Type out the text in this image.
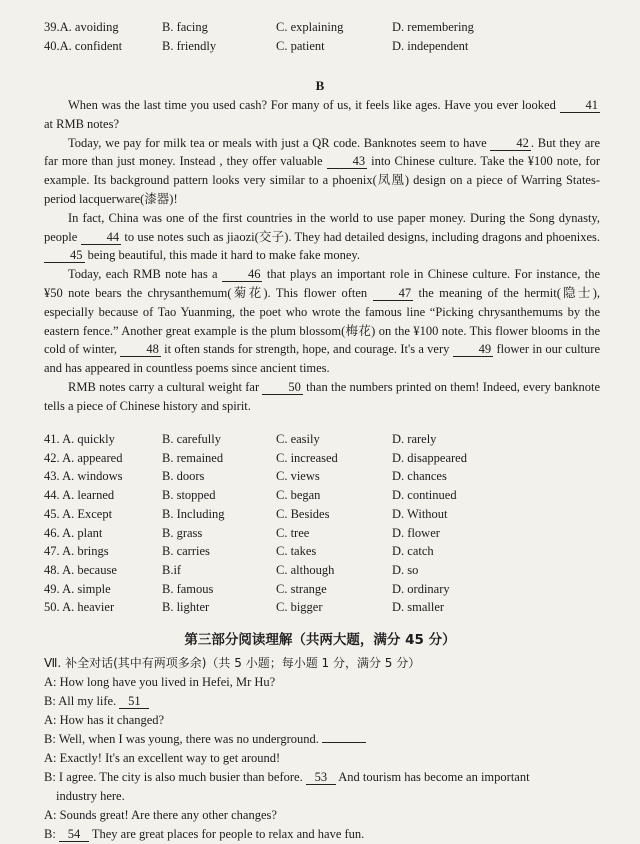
39.A. avoiding	B. facing	C. explaining	D. remembering
40.A. confident	B. friendly	C. patient	D. independent
B

When was the last time you used cash? For many of us, it feels like ages. Have you ever looked 41 at RMB notes?

Today, we pay for milk tea or meals with just a QR code. Banknotes seem to have 42 . But they are far more than just money. Instead , they offer valuable 43 into Chinese culture. Take the ¥100 note, for example. Its background pattern looks very similar to a phoenix(凤凰) design on a piece of Warring States-period lacquerware(漆器)!

In fact, China was one of the first countries in the world to use paper money. During the Song dynasty, people 44 to use notes such as jiaozi(交子). They had detailed designs, including dragons and phoenixes. 45 being beautiful, this made it hard to make fake money.

Today, each RMB note has a 46 that plays an important role in Chinese culture. For instance, the ¥50 note bears the chrysanthemum(菊花). This flower often 47 the meaning of the hermit(隐士), especially because of Tao Yuanming, the poet who wrote the famous line “Picking chrysanthemums by the eastern fence.” Another great example is the plum blossom(梅花) on the ¥100 note. This flower blooms in the cold of winter, 48 it often stands for strength, hope, and courage. It's a very 49 flower in our culture and has appeared in countless poems since ancient times.

RMB notes carry a cultural weight far 50 than the numbers printed on them! Indeed, every banknote tells a piece of Chinese history and spirit.

41. A. quickly	B. carefully	C. easily	D. rarely
42. A. appeared	B. remained	C. increased	D. disappeared
43. A. windows	B. doors	C. views	D. chances
44. A. learned	B. stopped	C. began	D. continued
45. A. Except	B. Including	C. Besides	D. Without
46. A. plant	B. grass	C. tree	D. flower
47. A. brings	B. carries	C. takes	D. catch
48. A. because	B.if	C. although	D. so
49. A. simple	B. famous	C. strange	D. ordinary
50. A. heavier	B. lighter	C. bigger	D. smaller
第三部分阅读理解（共两大题，满分 45 分）
Ⅶ. 补全对话(其中有两项多余)（共 5 小题；每小题 1 分，满分 5 分）
A: How long have you lived in Hefei, Mr Hu?
B: All my life. 51
A: How has it changed?
B: Well, when I was young, there was no underground.
A: Exactly! It's an excellent way to get around!
B: I agree. The city is also much busier than before. 53 And tourism has become an important
industry here.
A: Sounds great! Are there any other changes?
B: 54 They are great places for people to relax and have fun.
